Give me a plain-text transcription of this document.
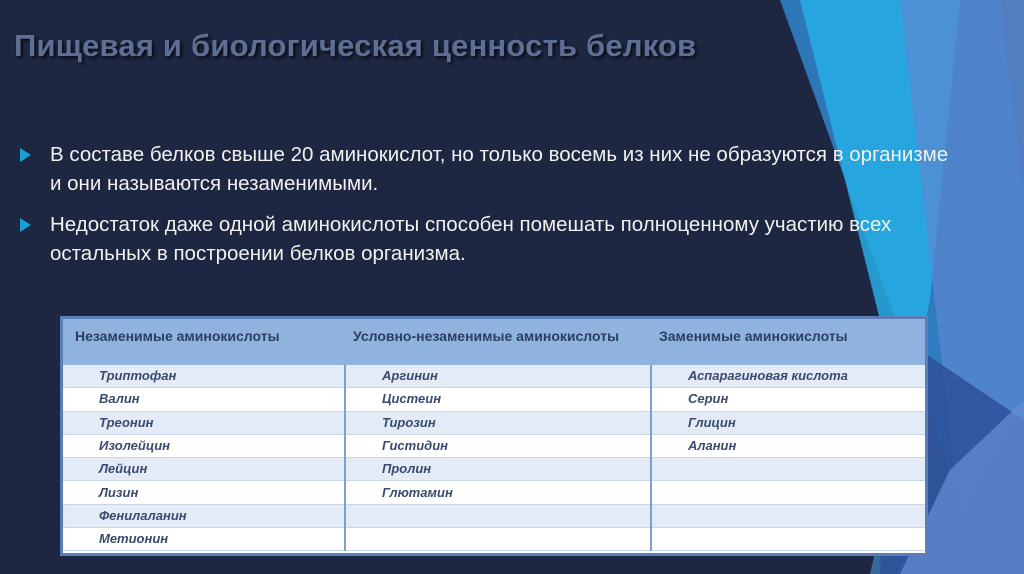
Пищевая и биологическая ценность белков
В составе белков свыше 20 аминокислот, но только восемь из них не образуются в организме и они называются незаменимыми.
Недостаток даже одной аминокислоты способен помешать полноценному участию всех остальных в построении белков организма.
Незаменимые аминокислоты	Условно-незаменимые аминокислоты	Заменимые аминокислоты
Триптофан	Аргинин	Аспарагиновая кислота
Валин	Цистеин	Серин
Треонин	Тирозин	Глицин
Изолейцин	Гистидин	Аланин
Лейцин	Пролин	
Лизин	Глютамин	
Фенилаланин		
Метионин		
